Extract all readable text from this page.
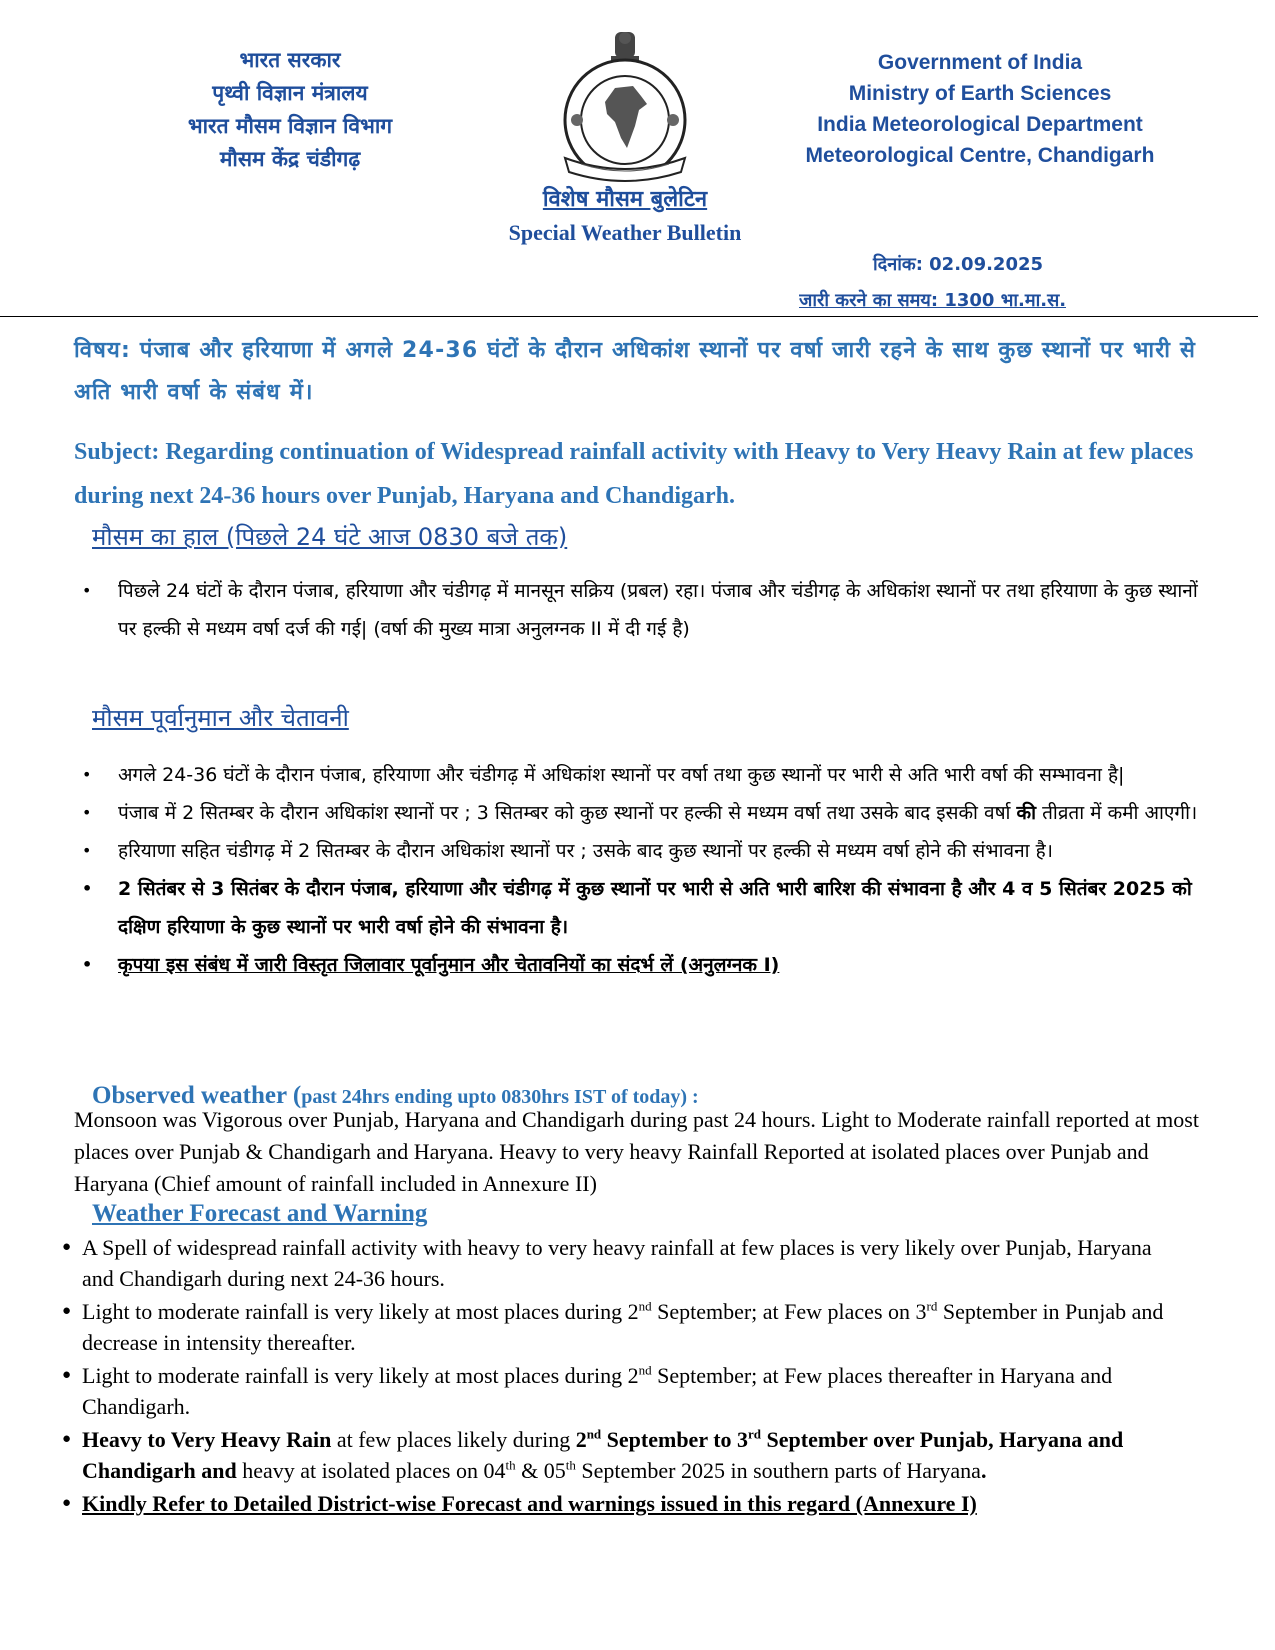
भारत सरकार
पृथ्वी विज्ञान मंत्रालय
भारत मौसम विज्ञान विभाग
मौसम केंद्र चंडीगढ़
विशेष मौसम बुलेटिन
Special Weather Bulletin
Government of India
Ministry of Earth Sciences
India Meteorological Department
Meteorological Centre, Chandigarh
दिनांक: 02.09.2025
जारी करने का समय: 1300 भा.मा.स.
विषय: पंजाब और हरियाणा में अगले 24-36 घंटों के दौरान अधिकांश स्थानों पर वर्षा जारी रहने के साथ कुछ स्थानों पर भारी से अति भारी वर्षा के संबंध में।
Subject: Regarding continuation of Widespread rainfall activity with Heavy to Very Heavy Rain at few places during next 24-36 hours over Punjab, Haryana and Chandigarh.
मौसम का हाल (पिछले 24 घंटे आज 0830 बजे तक)
• पिछले 24 घंटों के दौरान पंजाब, हरियाणा और चंडीगढ़ में मानसून सक्रिय (प्रबल) रहा। पंजाब और चंडीगढ़ के अधिकांश स्थानों पर तथा हरियाणा के कुछ स्थानों पर हल्की से मध्यम वर्षा दर्ज की गई| (वर्षा की मुख्य मात्रा अनुलग्नक II में दी गई है)
मौसम पूर्वानुमान और चेतावनी
• अगले 24-36 घंटों के दौरान पंजाब, हरियाणा और चंडीगढ़ में अधिकांश स्थानों पर वर्षा तथा कुछ स्थानों पर भारी से अति भारी वर्षा की सम्भावना है|
• पंजाब में 2 सितम्बर के दौरान अधिकांश स्थानों पर ; 3 सितम्बर को कुछ स्थानों पर हल्की से मध्यम वर्षा तथा उसके बाद इसकी वर्षा की तीव्रता में कमी आएगी।
• हरियाणा सहित चंडीगढ़ में 2 सितम्बर के दौरान अधिकांश स्थानों पर ; उसके बाद कुछ स्थानों पर हल्की से मध्यम वर्षा होने की संभावना है।
• 2 सितंबर से 3 सितंबर के दौरान पंजाब, हरियाणा और चंडीगढ़ में कुछ स्थानों पर भारी से अति भारी बारिश की संभावना है और 4 व 5 सितंबर 2025 को दक्षिण हरियाणा के कुछ स्थानों पर भारी वर्षा होने की संभावना है।
• कृपया इस संबंध में जारी विस्तृत जिलावार पूर्वानुमान और चेतावनियों का संदर्भ लें (अनुलग्नक I)
Observed weather (past 24hrs ending upto 0830hrs IST of today) :
Monsoon was Vigorous over Punjab, Haryana and Chandigarh during past 24 hours. Light to Moderate rainfall reported at most places over Punjab & Chandigarh and Haryana. Heavy to very heavy Rainfall Reported at isolated places over Punjab and Haryana (Chief amount of rainfall included in Annexure II)
Weather Forecast and Warning
● A Spell of widespread rainfall activity with heavy to very heavy rainfall at few places is very likely over Punjab, Haryana and Chandigarh during next 24-36 hours.
● Light to moderate rainfall is very likely at most places during 2nd September; at Few places on 3rd September in Punjab and decrease in intensity thereafter.
● Light to moderate rainfall is very likely at most places during 2nd September; at Few places thereafter in Haryana and Chandigarh.
● Heavy to Very Heavy Rain at few places likely during 2nd September to 3rd September over Punjab, Haryana and Chandigarh and heavy at isolated places on 04th & 05th September 2025 in southern parts of Haryana.
● Kindly Refer to Detailed District-wise Forecast and warnings issued in this regard (Annexure I)
